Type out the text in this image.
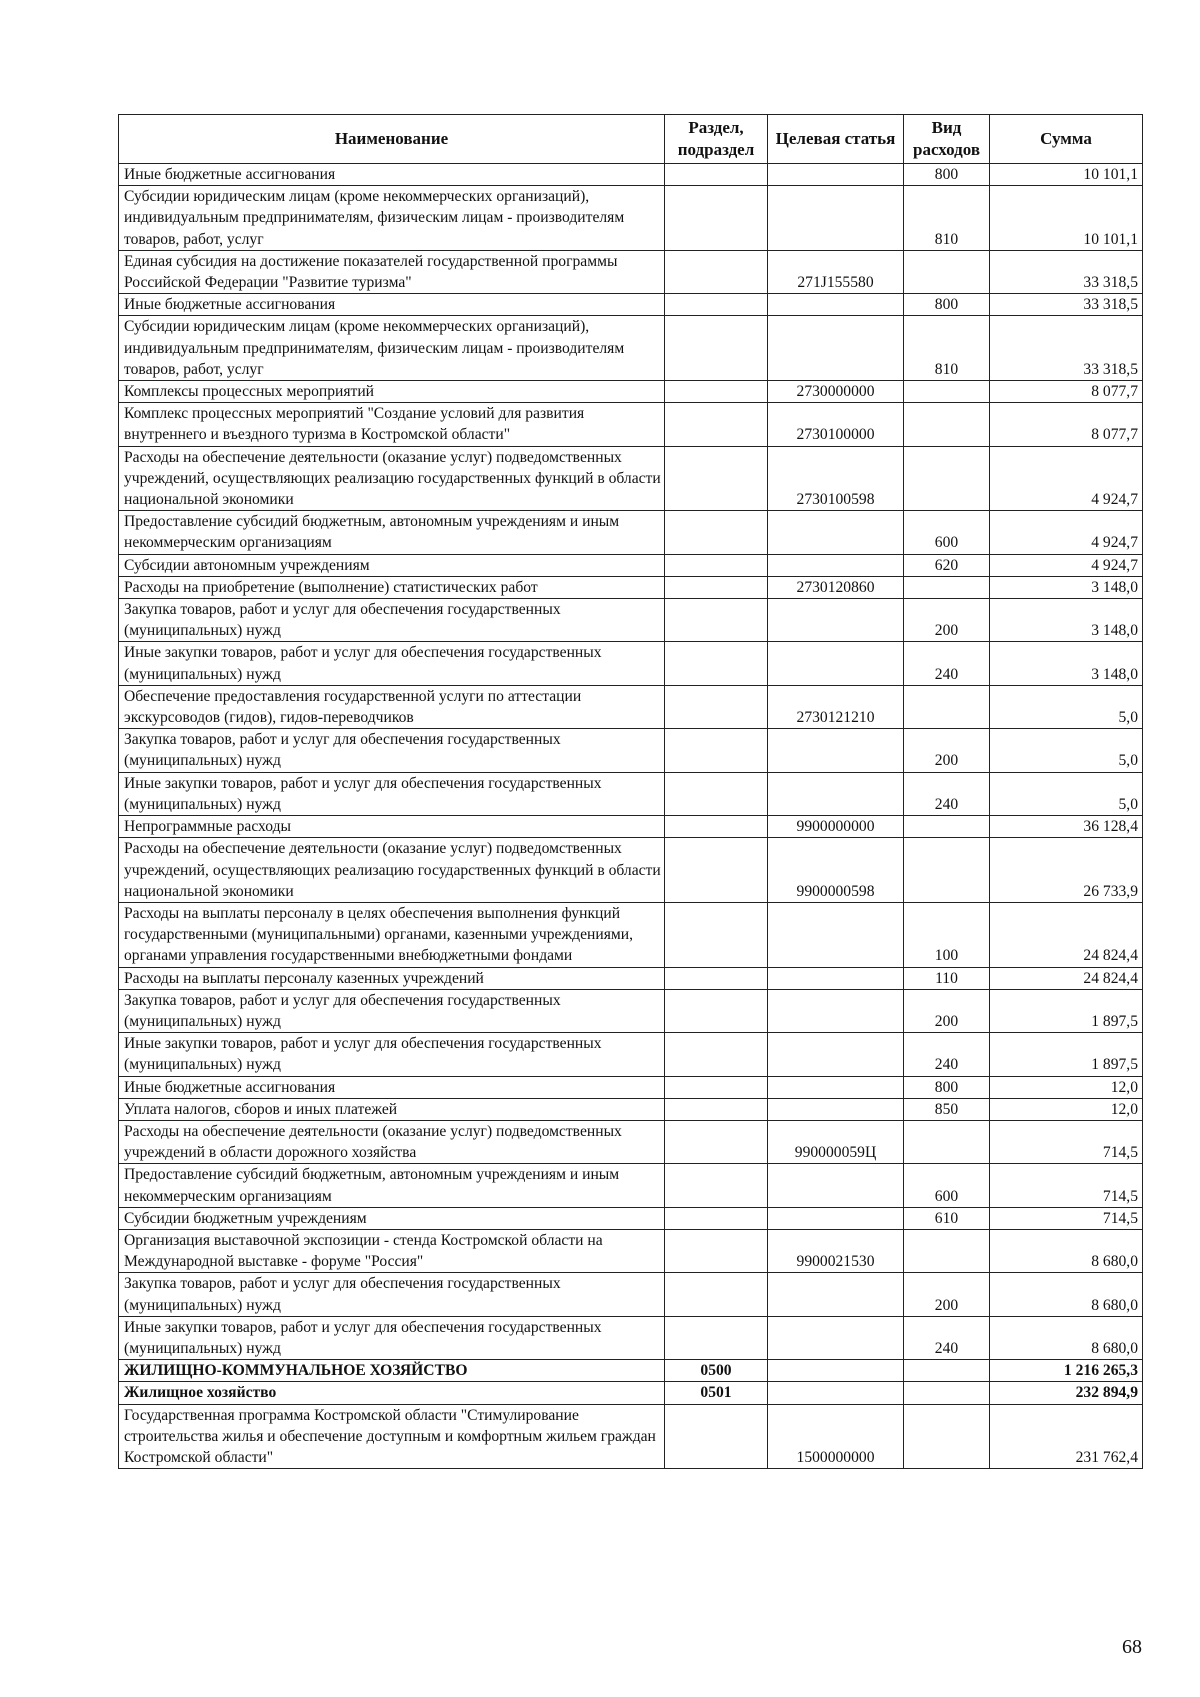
Наименование	Раздел, подраздел	Целевая статья	Вид расходов	Сумма
Иные бюджетные ассигнования			800	10 101,1
Субсидии юридическим лицам (кроме некоммерческих организаций), индивидуальным предпринимателям, физическим лицам - производителям товаров, работ, услуг			810	10 101,1
Единая субсидия на достижение показателей государственной программы Российской Федерации "Развитие туризма"		271J155580		33 318,5
Иные бюджетные ассигнования			800	33 318,5
Субсидии юридическим лицам (кроме некоммерческих организаций), индивидуальным предпринимателям, физическим лицам - производителям товаров, работ, услуг			810	33 318,5
Комплексы процессных мероприятий		2730000000		8 077,7
Комплекс процессных мероприятий "Создание условий для развития внутреннего и въездного туризма в Костромской области"		2730100000		8 077,7
Расходы на обеспечение деятельности (оказание услуг) подведомственных учреждений, осуществляющих реализацию государственных функций в области национальной экономики		2730100598		4 924,7
Предоставление субсидий бюджетным, автономным учреждениям и иным некоммерческим организациям			600	4 924,7
Субсидии автономным учреждениям			620	4 924,7
Расходы на приобретение (выполнение) статистических работ		2730120860		3 148,0
Закупка товаров, работ и услуг для обеспечения государственных (муниципальных) нужд			200	3 148,0
Иные закупки товаров, работ и услуг для обеспечения государственных (муниципальных) нужд			240	3 148,0
Обеспечение предоставления государственной услуги по аттестации экскурсоводов (гидов), гидов-переводчиков		2730121210		5,0
Закупка товаров, работ и услуг для обеспечения государственных (муниципальных) нужд			200	5,0
Иные закупки товаров, работ и услуг для обеспечения государственных (муниципальных) нужд			240	5,0
Непрограммные расходы		9900000000		36 128,4
Расходы на обеспечение деятельности (оказание услуг) подведомственных учреждений, осуществляющих реализацию государственных функций в области национальной экономики		9900000598		26 733,9
Расходы на выплаты персоналу в целях обеспечения выполнения функций государственными (муниципальными) органами, казенными учреждениями, органами управления государственными внебюджетными фондами			100	24 824,4
Расходы на выплаты персоналу казенных учреждений			110	24 824,4
Закупка товаров, работ и услуг для обеспечения государственных (муниципальных) нужд			200	1 897,5
Иные закупки товаров, работ и услуг для обеспечения государственных (муниципальных) нужд			240	1 897,5
Иные бюджетные ассигнования			800	12,0
Уплата налогов, сборов и иных платежей			850	12,0
Расходы на обеспечение деятельности (оказание услуг) подведомственных учреждений в области дорожного хозяйства		990000059Ц		714,5
Предоставление субсидий бюджетным, автономным учреждениям и иным некоммерческим организациям			600	714,5
Субсидии бюджетным учреждениям			610	714,5
Организация выставочной экспозиции - стенда Костромской области на Международной выставке - форуме "Россия"		9900021530		8 680,0
Закупка товаров, работ и услуг для обеспечения государственных (муниципальных) нужд			200	8 680,0
Иные закупки товаров, работ и услуг для обеспечения государственных (муниципальных) нужд			240	8 680,0
ЖИЛИЩНО-КОММУНАЛЬНОЕ ХОЗЯЙСТВО	0500			1 216 265,3
Жилищное хозяйство	0501			232 894,9
Государственная программа Костромской области "Стимулирование строительства жилья и обеспечение доступным и комфортным жильем граждан Костромской области"		1500000000		231 762,4
68
